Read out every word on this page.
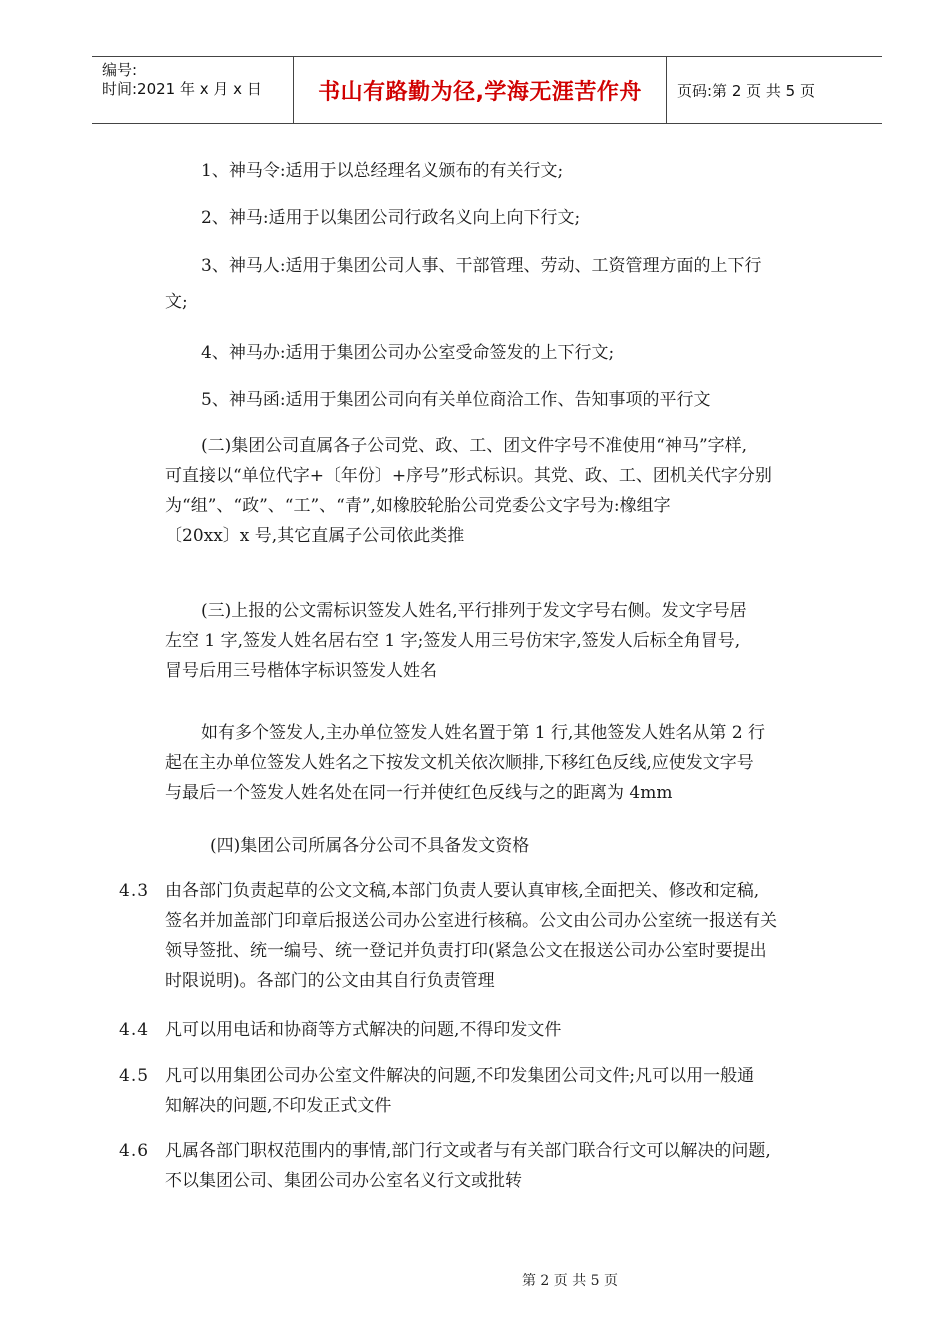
编号:
时间:2021 年 x 月 x 日	书山有路勤为径,学海无涯苦作舟	页码:第 2 页 共 5 页
1、神马令:适用于以总经理名义颁布的有关行文;
2、神马:适用于以集团公司行政名义向上向下行文;
3、神马人:适用于集团公司人事、干部管理、劳动、工资管理方面的上下行
文;
4、神马办:适用于集团公司办公室受命签发的上下行文;
5、神马函:适用于集团公司向有关单位商洽工作、告知事项的平行文
(二)集团公司直属各子公司党、政、工、团文件字号不准使用“神马”字样,
可直接以“单位代字+〔年份〕+序号”形式标识。其党、政、工、团机关代字分别
为“组”、“政”、“工”、“青”,如橡胶轮胎公司党委公文字号为:橡组字
〔20xx〕x 号,其它直属子公司依此类推
(三)上报的公文需标识签发人姓名,平行排列于发文字号右侧。发文字号居
左空 1 字,签发人姓名居右空 1 字;签发人用三号仿宋字,签发人后标全角冒号,
冒号后用三号楷体字标识签发人姓名
如有多个签发人,主办单位签发人姓名置于第 1 行,其他签发人姓名从第 2 行
起在主办单位签发人姓名之下按发文机关依次顺排,下移红色反线,应使发文字号
与最后一个签发人姓名处在同一行并使红色反线与之的距离为 4mm
(四)集团公司所属各分公司不具备发文资格
4.3 由各部门负责起草的公文文稿,本部门负责人要认真审核,全面把关、修改和定稿,
签名并加盖部门印章后报送公司办公室进行核稿。公文由公司办公室统一报送有关
领导签批、统一编号、统一登记并负责打印(紧急公文在报送公司办公室时要提出
时限说明)。各部门的公文由其自行负责管理
4.4 凡可以用电话和协商等方式解决的问题,不得印发文件
4.5 凡可以用集团公司办公室文件解决的问题,不印发集团公司文件;凡可以用一般通
知解决的问题,不印发正式文件
4.6 凡属各部门职权范围内的事情,部门行文或者与有关部门联合行文可以解决的问题,
不以集团公司、集团公司办公室名义行文或批转
第 2 页 共 5 页
